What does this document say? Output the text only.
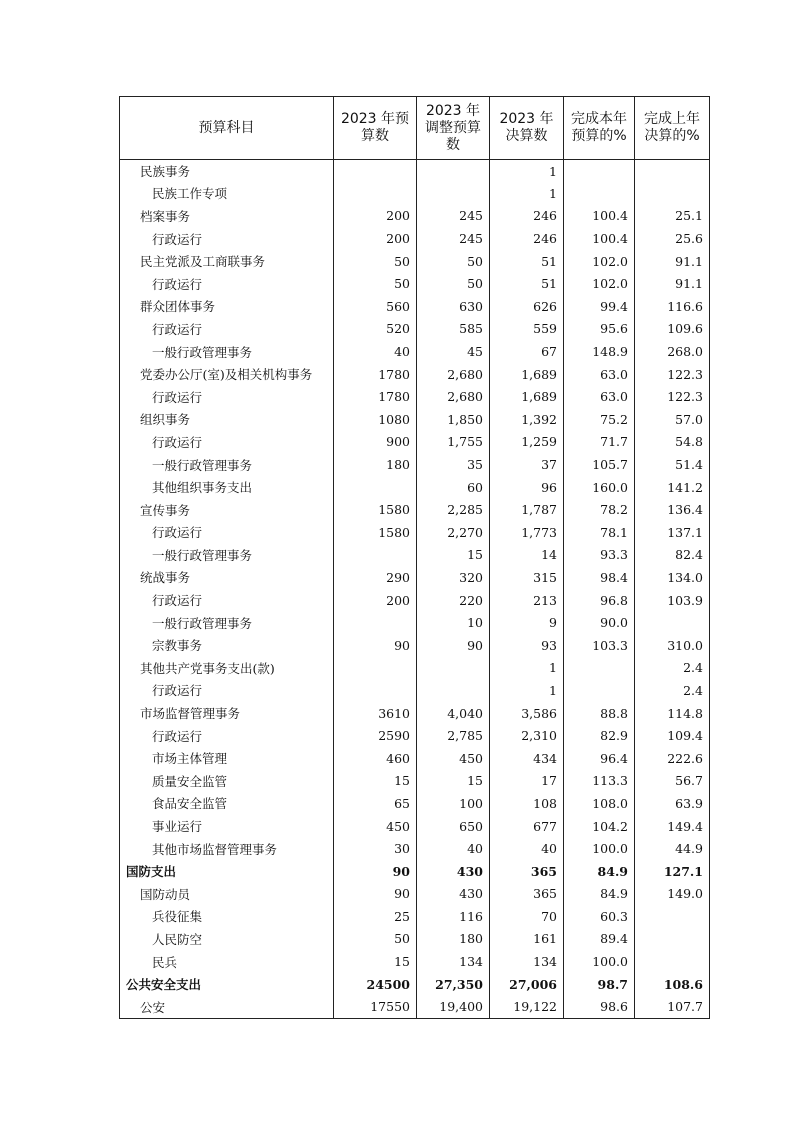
预算科目	2023 年预算数	2023 年调整预算数	2023 年决算数	完成本年预算的%	完成上年决算的%
民族事务			1		
民族工作专项			1		
档案事务	200	245	246	100.4	25.1
行政运行	200	245	246	100.4	25.6
民主党派及工商联事务	50	50	51	102.0	91.1
行政运行	50	50	51	102.0	91.1
群众团体事务	560	630	626	99.4	116.6
行政运行	520	585	559	95.6	109.6
一般行政管理事务	40	45	67	148.9	268.0
党委办公厅(室)及相关机构事务	1780	2,680	1,689	63.0	122.3
行政运行	1780	2,680	1,689	63.0	122.3
组织事务	1080	1,850	1,392	75.2	57.0
行政运行	900	1,755	1,259	71.7	54.8
一般行政管理事务	180	35	37	105.7	51.4
其他组织事务支出		60	96	160.0	141.2
宣传事务	1580	2,285	1,787	78.2	136.4
行政运行	1580	2,270	1,773	78.1	137.1
一般行政管理事务		15	14	93.3	82.4
统战事务	290	320	315	98.4	134.0
行政运行	200	220	213	96.8	103.9
一般行政管理事务		10	9	90.0	
宗教事务	90	90	93	103.3	310.0
其他共产党事务支出(款)			1		2.4
行政运行			1		2.4
市场监督管理事务	3610	4,040	3,586	88.8	114.8
行政运行	2590	2,785	2,310	82.9	109.4
市场主体管理	460	450	434	96.4	222.6
质量安全监管	15	15	17	113.3	56.7
食品安全监管	65	100	108	108.0	63.9
事业运行	450	650	677	104.2	149.4
其他市场监督管理事务	30	40	40	100.0	44.9
国防支出	90	430	365	84.9	127.1
国防动员	90	430	365	84.9	149.0
兵役征集	25	116	70	60.3	
人民防空	50	180	161	89.4	
民兵	15	134	134	100.0	
公共安全支出	24500	27,350	27,006	98.7	108.6
公安	17550	19,400	19,122	98.6	107.7
